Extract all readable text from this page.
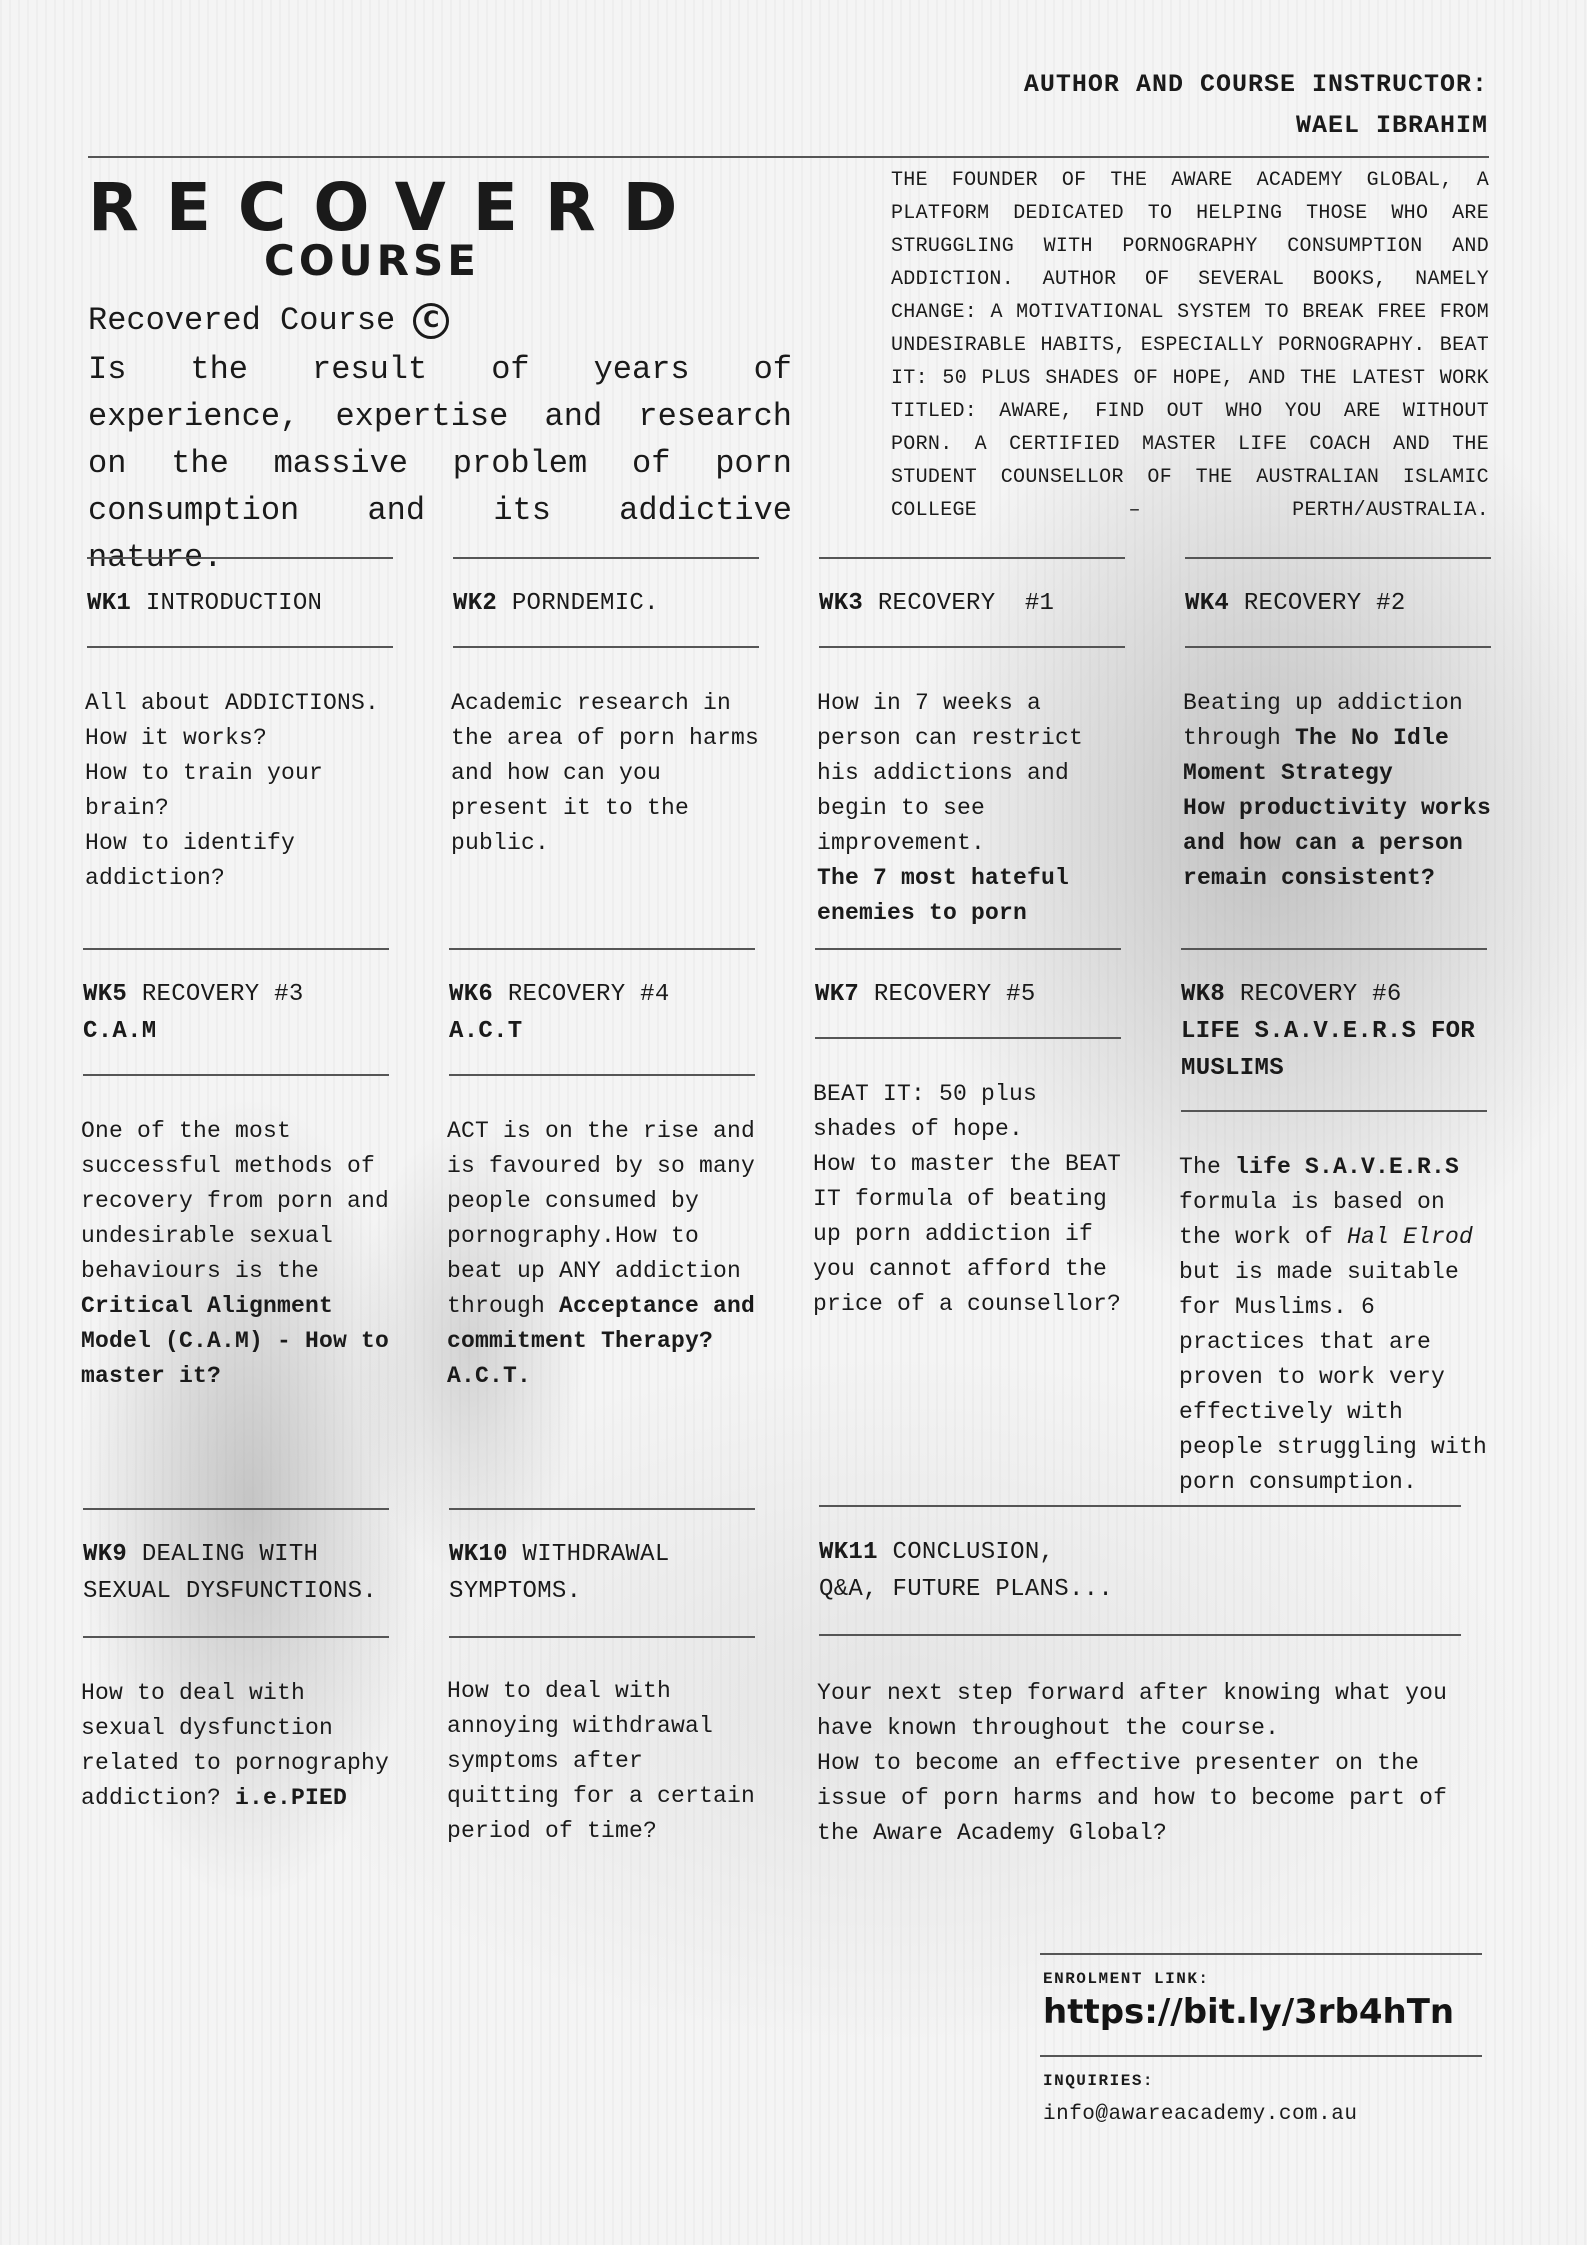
AUTHOR AND COURSE INSTRUCTOR:
WAEL IBRAHIM
RECOVERD
COURSE
Recovered Course	C
Is the result of years of experience, expertise and research on the massive problem of porn consumption and its addictive nature.
THE FOUNDER OF THE AWARE ACADEMY GLOBAL, A PLATFORM DEDICATED TO HELPING THOSE WHO ARE STRUGGLING WITH PORNOGRAPHY CONSUMPTION AND ADDICTION. AUTHOR OF SEVERAL BOOKS, NAMELY CHANGE: A MOTIVATIONAL SYSTEM TO BREAK FREE FROM UNDESIRABLE HABITS, ESPECIALLY PORNOGRAPHY. BEAT IT: 50 PLUS SHADES OF HOPE, AND THE LATEST WORK TITLED: AWARE, FIND OUT WHO YOU ARE WITHOUT PORN. A CERTIFIED MASTER LIFE COACH AND THE STUDENT COUNSELLOR OF THE AUSTRALIAN ISLAMIC COLLEGE – PERTH/AUSTRALIA.
WK1 INTRODUCTION
All about ADDICTIONS.
How it works?
How to train your brain?
How to identify addiction?
WK2 PORNDEMIC.
Academic research in the area of porn harms and how can you present it to the public.
WK3 RECOVERY  #1
How in 7 weeks a person can restrict his addictions and begin to see improvement.
The 7 most hateful enemies to porn
WK4 RECOVERY #2
Beating up addiction through The No Idle Moment Strategy
How productivity works and how can a person remain consistent?
WK5 RECOVERY #3
C.A.M
One of the most successful methods of recovery from porn and undesirable sexual behaviours is the Critical Alignment Model (C.A.M) - How to master it?
WK6 RECOVERY #4
A.C.T
ACT is on the rise and is favoured by so many people consumed by pornography.How to beat up ANY addiction through Acceptance and commitment Therapy? A.C.T.
WK7 RECOVERY #5
BEAT IT: 50 plus shades of hope.
How to master the BEAT IT formula of beating up porn addiction if you cannot afford the price of a counsellor?
WK8 RECOVERY #6
LIFE S.A.V.E.R.S FOR MUSLIMS
The life S.A.V.E.R.S formula is based on the work of Hal Elrod but is made suitable for Muslims. 6 practices that are proven to work very effectively with people struggling with porn consumption.
WK9 DEALING WITH SEXUAL DYSFUNCTIONS.
How to deal with sexual dysfunction related to pornography addiction? i.e.PIED
WK10 WITHDRAWAL SYMPTOMS.
How to deal with annoying withdrawal symptoms after quitting for a certain period of time?
WK11 CONCLUSION,
Q&A, FUTURE PLANS...
Your next step forward after knowing what you have known throughout the course.
How to become an effective presenter on the issue of porn harms and how to become part of the Aware Academy Global?
ENROLMENT LINK:
https://bit.ly/3rb4hTn
INQUIRIES:
info@awareacademy.com.au
